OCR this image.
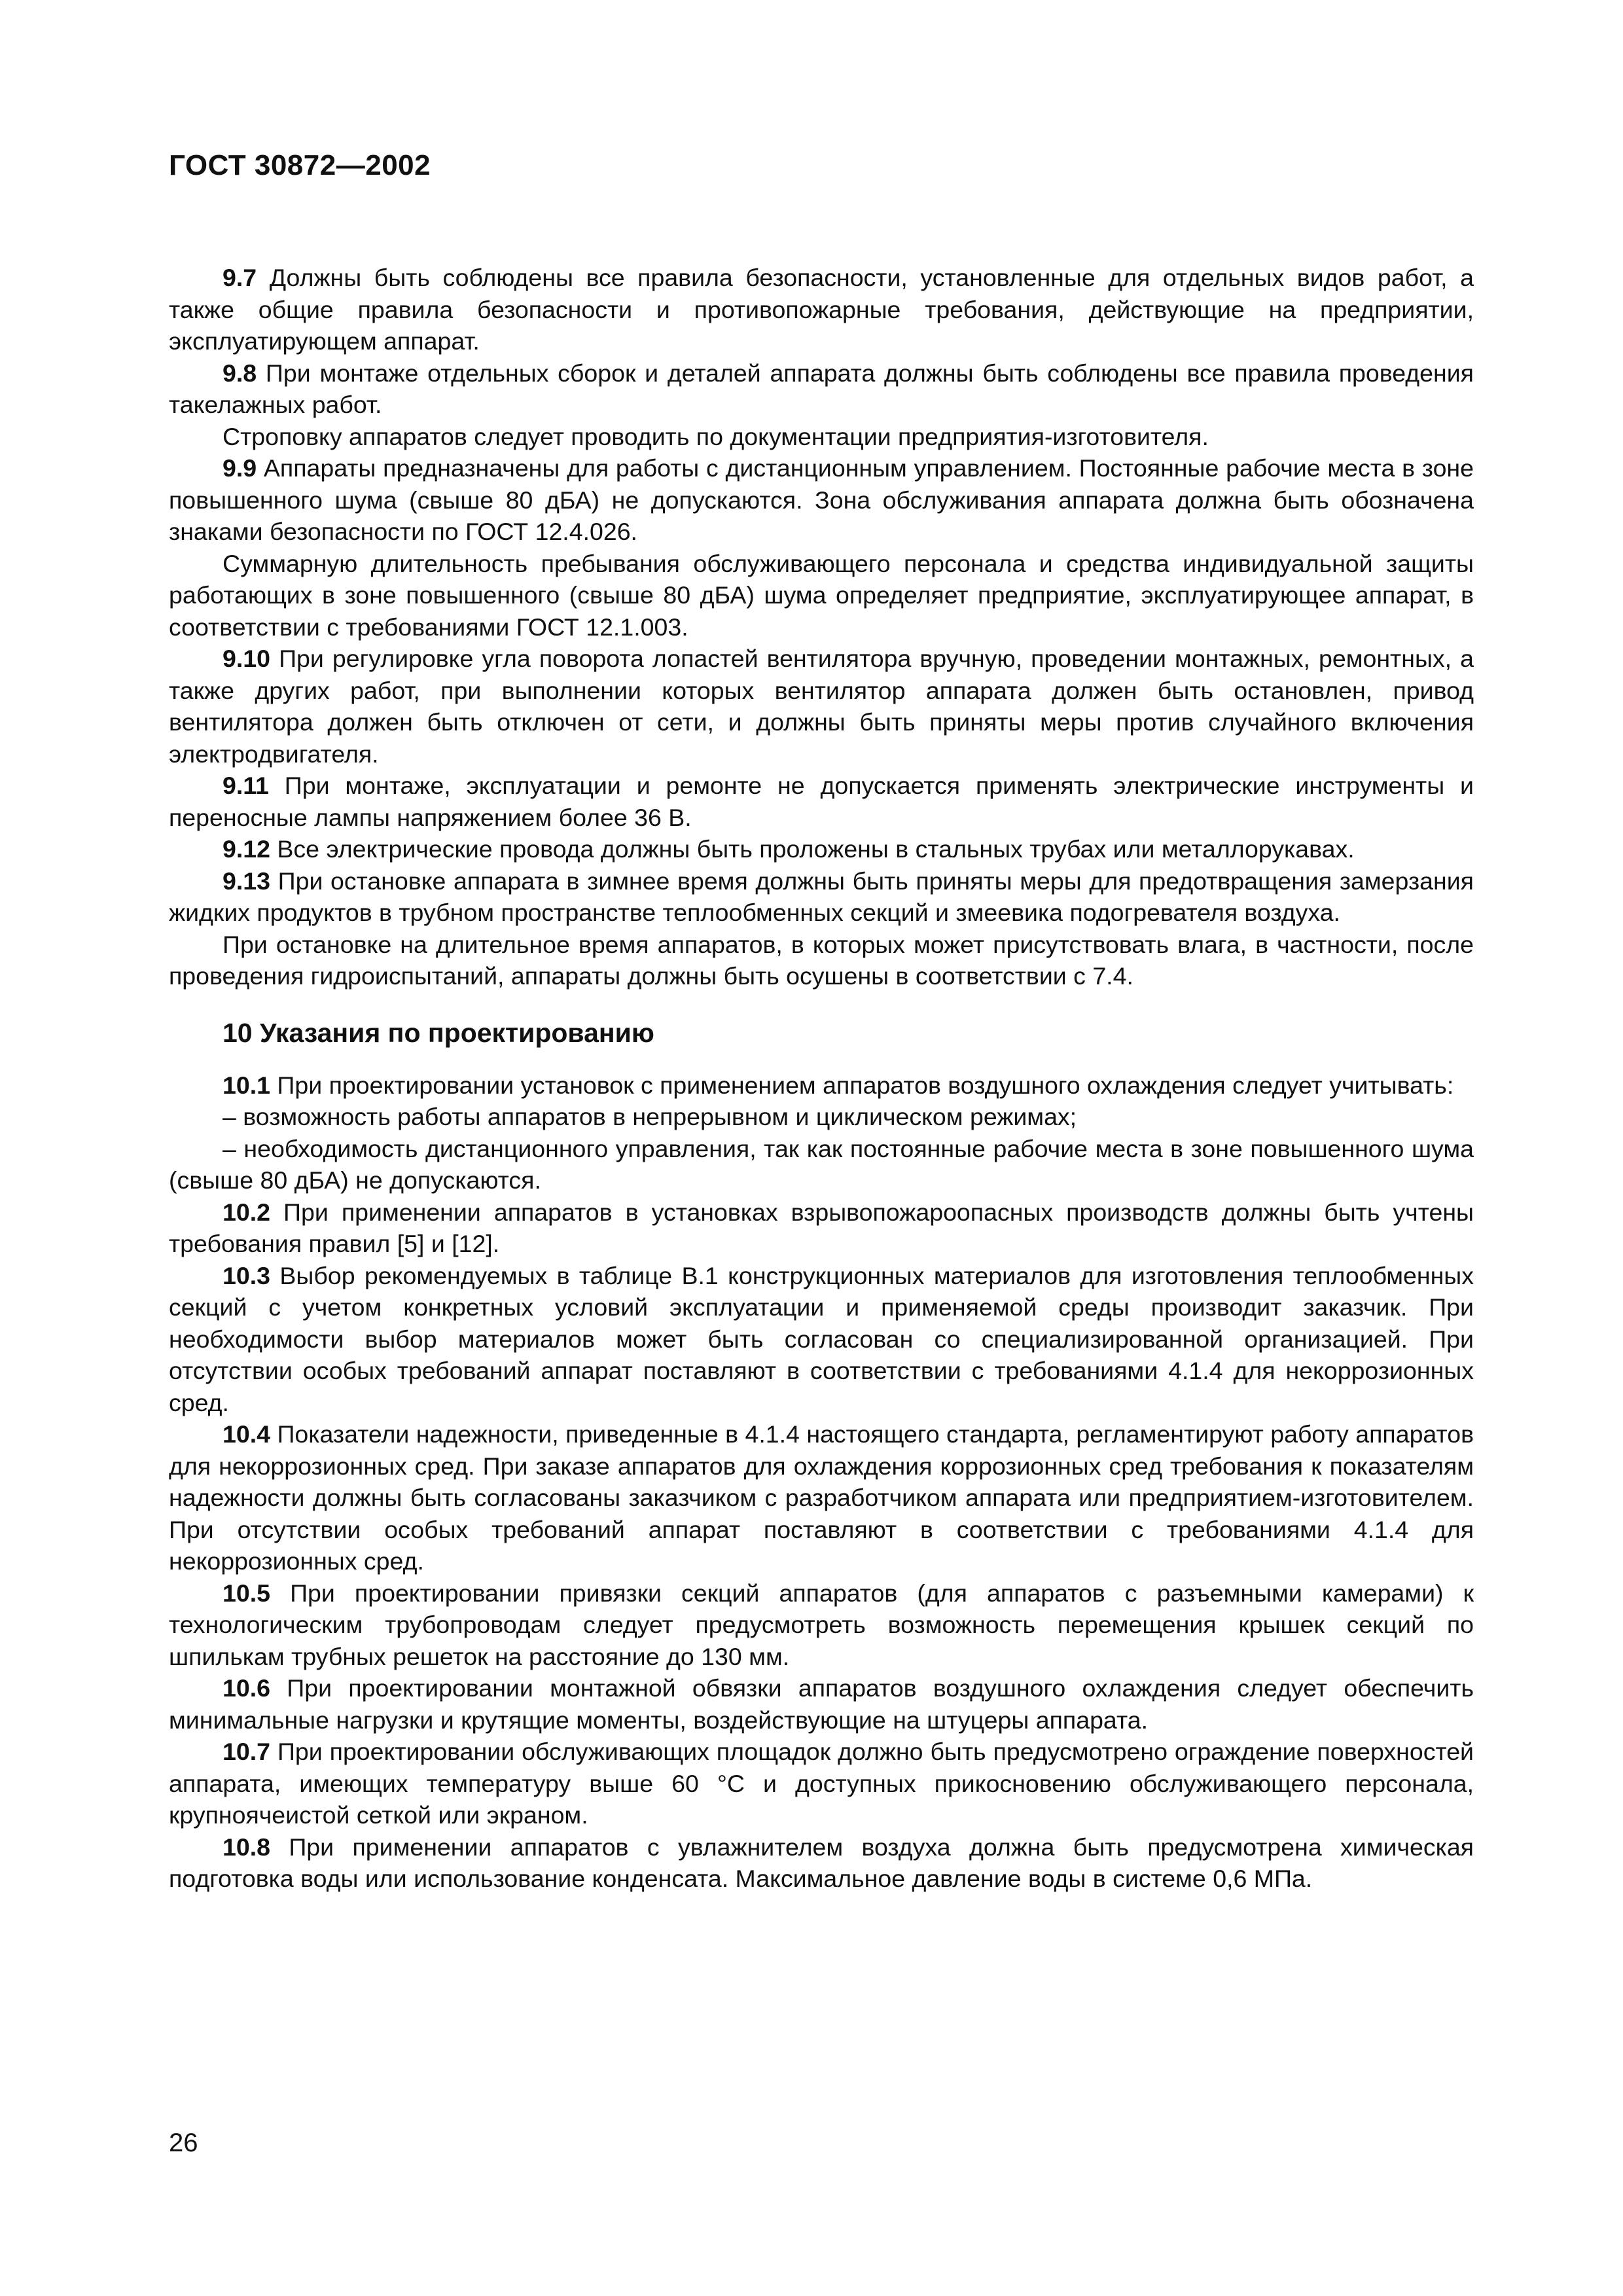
ГОСТ 30872—2002

9.7 Должны быть соблюдены все правила безопасности, установленные для отдельных видов работ, а также общие правила безопасности и противопожарные требования, действующие на предприятии, эксплуатирующем аппарат.

9.8 При монтаже отдельных сборок и деталей аппарата должны быть соблюдены все правила проведения такелажных работ.

Строповку аппаратов следует проводить по документации предприятия-изготовителя.

9.9 Аппараты предназначены для работы с дистанционным управлением. Постоянные рабочие места в зоне повышенного шума (свыше 80 дБА) не допускаются. Зона обслуживания аппарата должна быть обозначена знаками безопасности по ГОСТ 12.4.026.

Суммарную длительность пребывания обслуживающего персонала и средства индивидуальной защиты работающих в зоне повышенного (свыше 80 дБА) шума определяет предприятие, эксплуатирующее аппарат, в соответствии с требованиями ГОСТ 12.1.003.

9.10 При регулировке угла поворота лопастей вентилятора вручную, проведении монтажных, ремонтных, а также других работ, при выполнении которых вентилятор аппарата должен быть остановлен, привод вентилятора должен быть отключен от сети, и должны быть приняты меры против случайного включения электродвигателя.

9.11 При монтаже, эксплуатации и ремонте не допускается применять электрические инструменты и переносные лампы напряжением более 36 В.

9.12 Все электрические провода должны быть проложены в стальных трубах или металлорукавах.

9.13 При остановке аппарата в зимнее время должны быть приняты меры для предотвращения замерзания жидких продуктов в трубном пространстве теплообменных секций и змеевика подогревателя воздуха.

При остановке на длительное время аппаратов, в которых может присутствовать влага, в частности, после проведения гидроиспытаний, аппараты должны быть осушены в соответствии с 7.4.

10 Указания по проектированию

10.1 При проектировании установок с применением аппаратов воздушного охлаждения следует учитывать:

– возможность работы аппаратов в непрерывном и циклическом режимах;

– необходимость дистанционного управления, так как постоянные рабочие места в зоне повышенного шума (свыше 80 дБА) не допускаются.

10.2 При применении аппаратов в установках взрывопожароопасных производств должны быть учтены требования правил [5] и [12].

10.3 Выбор рекомендуемых в таблице В.1 конструкционных материалов для изготовления теплообменных секций с учетом конкретных условий эксплуатации и применяемой среды производит заказчик. При необходимости выбор материалов может быть согласован со специализированной организацией. При отсутствии особых требований аппарат поставляют в соответствии с требованиями 4.1.4 для некоррозионных сред.

10.4 Показатели надежности, приведенные в 4.1.4 настоящего стандарта, регламентируют работу аппаратов для некоррозионных сред. При заказе аппаратов для охлаждения коррозионных сред требования к показателям надежности должны быть согласованы заказчиком с разработчиком аппарата или предприятием-изготовителем. При отсутствии особых требований аппарат поставляют в соответствии с требованиями 4.1.4 для некоррозионных сред.

10.5 При проектировании привязки секций аппаратов (для аппаратов с разъемными камерами) к технологическим трубопроводам следует предусмотреть возможность перемещения крышек секций по шпилькам трубных решеток на расстояние до 130 мм.

10.6 При проектировании монтажной обвязки аппаратов воздушного охлаждения следует обеспечить минимальные нагрузки и крутящие моменты, воздействующие на штуцеры аппарата.

10.7 При проектировании обслуживающих площадок должно быть предусмотрено ограждение поверхностей аппарата, имеющих температуру выше 60 °С и доступных прикосновению обслуживающего персонала, крупноячеистой сеткой или экраном.

10.8 При применении аппаратов с увлажнителем воздуха должна быть предусмотрена химическая подготовка воды или использование конденсата. Максимальное давление воды в системе 0,6 МПа.

26
